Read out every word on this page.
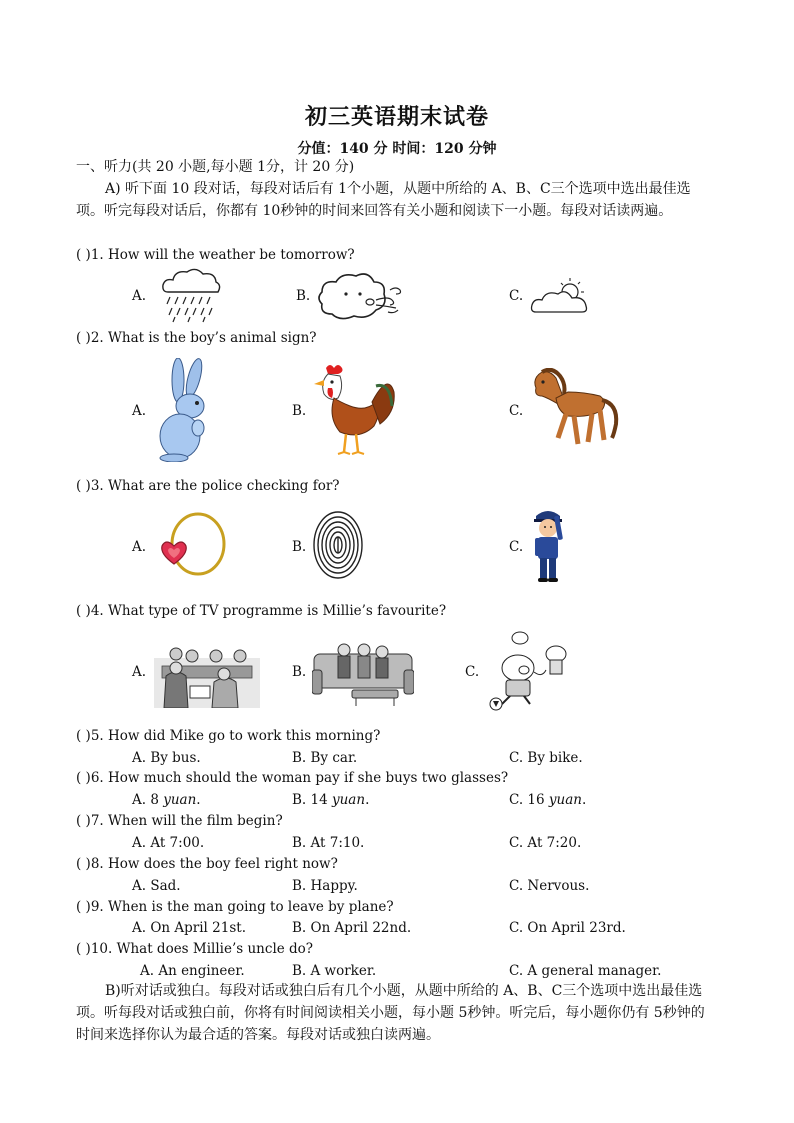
初三英语期末试卷
分值：140 分 时间：120 分钟
一、听力(共 20 小题,每小题 1分，计 20 分)
A) 听下面 10 段对话，每段对话后有 1个小题，从题中所给的 A、B、C三个选项中选出最佳选项。听完每段对话后，你都有 10秒钟的时间来回答有关小题和阅读下一小题。每段对话读两遍。
( )1. How will the weather be tomorrow?
A.	B.	C.
( )2. What is the boy’s animal sign?
A.	B.	C.
( )3. What are the police checking for?
A.	B.	C.
( )4. What type of TV programme is Millie’s favourite?
A.	B.	C.
( )5. How did Mike go to work this morning?
A. By bus.	B. By car.	C. By bike.
( )6. How much should the woman pay if she buys two glasses?
A. 8 yuan.	B. 14 yuan.	C. 16 yuan.
( )7. When will the film begin?
A. At 7:00.	B. At 7:10.	C. At 7:20.
( )8. How does the boy feel right now?
A. Sad.	B. Happy.	C. Nervous.
( )9. When is the man going to leave by plane?
A. On April 21st.	B. On April 22nd.	C. On April 23rd.
( )10. What does Millie’s uncle do?
A. An engineer.	B. A worker.	C. A general manager.
B)听对话或独白。每段对话或独白后有几个小题，从题中所给的 A、B、C三个选项中选出最佳选项。听每段对话或独白前，你将有时间阅读相关小题，每小题 5秒钟。听完后，每小题你仍有 5秒钟的时间来选择你认为最合适的答案。每段对话或独白读两遍。
